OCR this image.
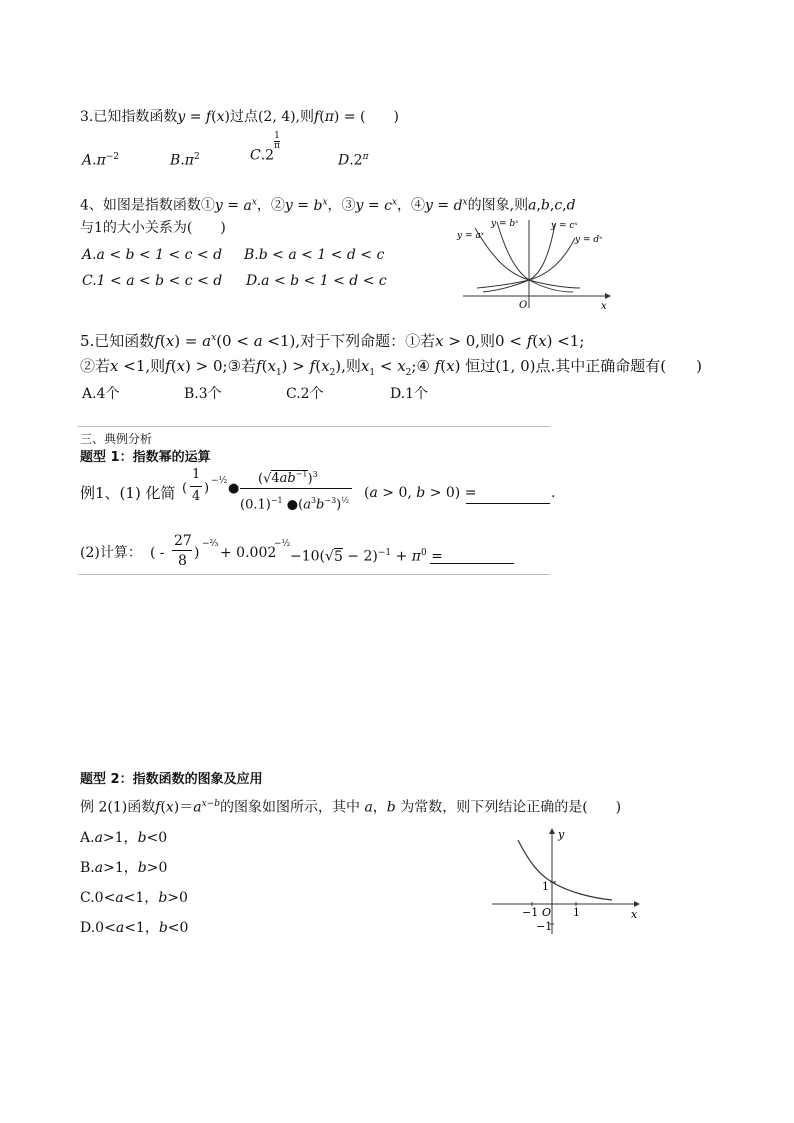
3.已知指数函数y = f(x)过点(2, 4),则f(π) = (　　)
$A.\pi^{-2}$	$B.\pi^2$	$C.2^{1 \pi}$
$D.2^\pi$
4、如图是指数函数①y = $a^x$，②y = $b^x$，③y = $c^x$，④y = $d^x$的图象,则a,b,c,d
与1的大小关系为(　　)
A.a < b < 1 < c < d B.b < a < 1 < d < c
C.1 < a < b < c < d D.a < b < 1 < d < c
y = aˣ
y = bˣ	y = cˣ
y = dˣ
O	x
5.已知函数$f(x) = a^x(0 < a <1)$,对于下列命题：①若x > 0,则0 < f(x) <1;
②若x <1,则f(x) > 0;③若$f(x_1) > f(x_2)$,则$x_1$ < $x_2;④$ f(x) 恒过(1, 0)点.其中正确命题有(　　)
A.4个	B.3个	C.2个	D.1个
三、典例分析
题型 1：指数幂的运算
例1、(1) 化简 (
1
4
) −½ ●
$(√4ab^{-1})^3$
$(0.1)^{-1}$ $●(a^3b^{-3})^{\frac{1}{2}}$ (a > 0, b > 0) =	.
(2)计算： ( -
27
8 )
−⅔
+ 0.002
−½
$-10(√5 - 2)^{-1} + \pi^0$ =
题型 2：指数函数的图象及应用
例 2(1)函数$f(x)=a^{x-b}$的图象如图所示，其中 a，b 为常数，则下列结论正确的是(　　)
A.a>1，b<0
B.a>1，b>0
C.0<a<1，b>0
D.0<a<1，b<0
y
x
1
−1 O 1
−1
